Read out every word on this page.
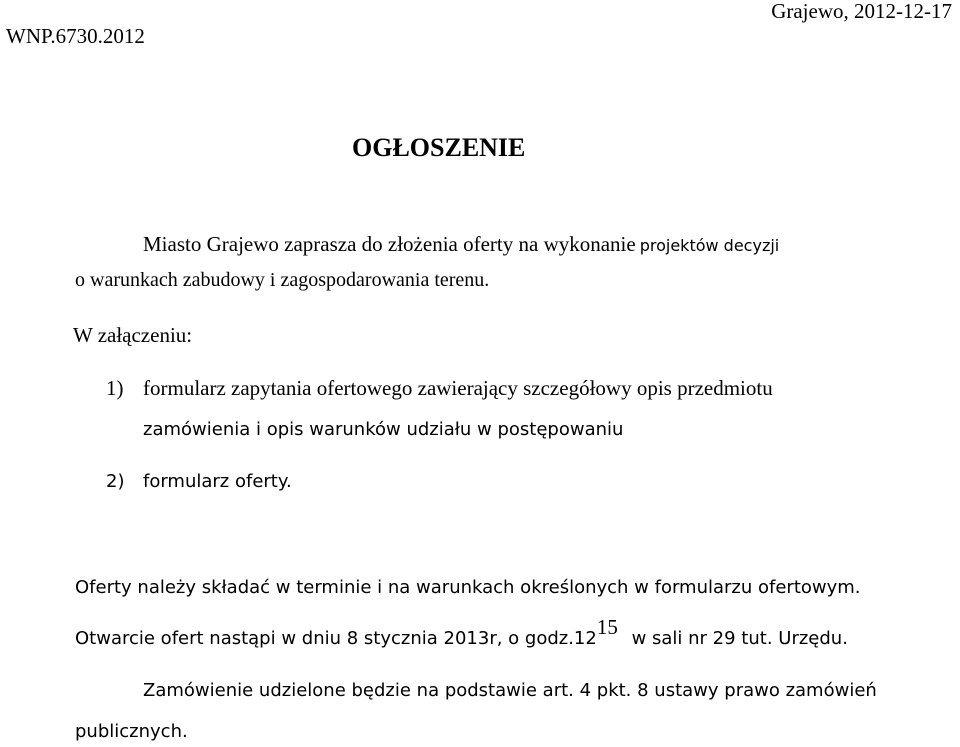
WNP.6730.2012
Grajewo, 2012-12-17
OGŁOSZENIE
Miasto Grajewo zaprasza do złożenia oferty na wykonanie projektów decyzji
o warunkach zabudowy i zagospodarowania terenu.
W załączeniu:
1) formularz zapytania ofertowego zawierający szczegółowy opis przedmiotu
zamówienia i opis warunków udziału w postępowaniu
2) formularz oferty.
Oferty należy składać w terminie i na warunkach określonych w formularzu ofertowym.
Otwarcie ofert nastąpi w dniu 8 stycznia 2013r, o $godz.12^{15}$ w sali nr 29 tut. Urzędu.
Zamówienie udzielone będzie na podstawie art. 4 pkt. 8 ustawy prawo zamówień
publicznych.
